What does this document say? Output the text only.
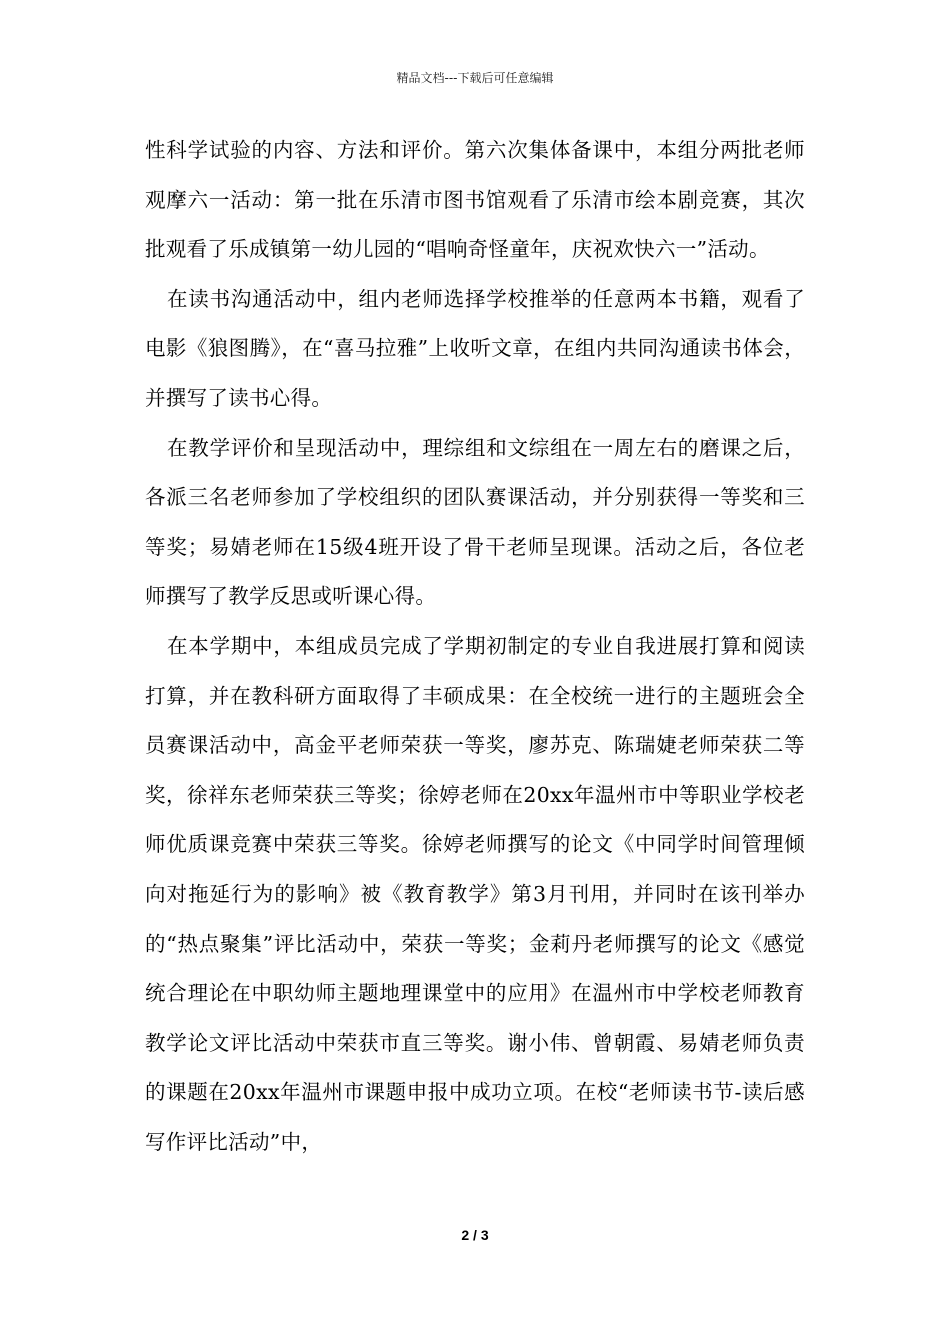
精品文档---下载后可任意编辑

性科学试验的内容、方法和评价。第六次集体备课中，本组分两批老师观摩六一活动：第一批在乐清市图书馆观看了乐清市绘本剧竞赛，其次批观看了乐成镇第一幼儿园的“唱响奇怪童年，庆祝欢快六一”活动。

在读书沟通活动中，组内老师选择学校推举的任意两本书籍，观看了电影《狼图腾》，在“喜马拉雅”上收听文章，在组内共同沟通读书体会，并撰写了读书心得。

在教学评价和呈现活动中，理综组和文综组在一周左右的磨课之后，各派三名老师参加了学校组织的团队赛课活动，并分别获得一等奖和三等奖；易婧老师在15级4班开设了骨干老师呈现课。活动之后，各位老师撰写了教学反思或听课心得。

在本学期中，本组成员完成了学期初制定的专业自我进展打算和阅读打算，并在教科研方面取得了丰硕成果：在全校统一进行的主题班会全员赛课活动中，高金平老师荣获一等奖，廖苏克、陈瑞婕老师荣获二等奖，徐祥东老师荣获三等奖；徐婷老师在20xx年温州市中等职业学校老师优质课竞赛中荣获三等奖。徐婷老师撰写的论文《中同学时间管理倾向对拖延行为的影响》被《教育教学》第3月刊用，并同时在该刊举办的“热点聚集”评比活动中，荣获一等奖；金莉丹老师撰写的论文《感觉统合理论在中职幼师主题地理课堂中的应用》在温州市中学校老师教育教学论文评比活动中荣获市直三等奖。谢小伟、曾朝霞、易婧老师负责的课题在20xx年温州市课题申报中成功立项。在校“老师读书节-读后感写作评比活动”中，

2 / 3
